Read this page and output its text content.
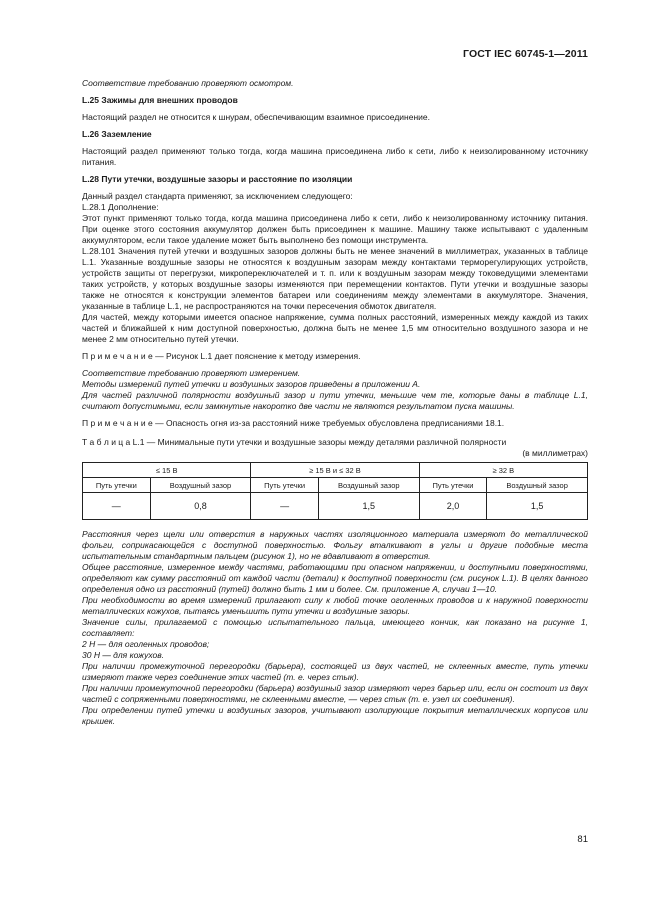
ГОСТ IEC 60745-1—2011

Соответствие требованию проверяют осмотром.

L.25 Зажимы для внешних проводов

Настоящий раздел не относится к шнурам, обеспечивающим взаимное присоединение.

L.26 Заземление

Настоящий раздел применяют только тогда, когда машина присоединена либо к сети, либо к неизолированному источнику питания.

L.28 Пути утечки, воздушные зазоры и расстояние по изоляции

Данный раздел стандарта применяют, за исключением следующего:

L.28.1 Дополнение:

Этот пункт применяют только тогда, когда машина присоединена либо к сети, либо к неизолированному источнику питания. При оценке этого состояния аккумулятор должен быть присоединен к машине. Машину также испытывают с удаленным аккумулятором, если такое удаление может быть выполнено без помощи инструмента.

L.28.101 Значения путей утечки и воздушных зазоров должны быть не менее значений в миллиметрах, указанных в таблице L.1. Указанные воздушные зазоры не относятся к воздушным зазорам между контактами терморегулирующих устройств, устройств защиты от перегрузки, микропереключателей и т. п. или к воздушным зазорам между токоведущими элементами таких устройств, у которых воздушные зазоры изменяются при перемещении контактов. Пути утечки и воздушные зазоры также не относятся к конструкции элементов батареи или соединениям между элементами в аккумуляторе. Значения, указанные в таблице L.1, не распространяются на точки пересечения обмоток двигателя.

Для частей, между которыми имеется опасное напряжение, сумма полных расстояний, измеренных между каждой из таких частей и ближайшей к ним доступной поверхностью, должна быть не менее 1,5 мм относительно воздушного зазора и не менее 2 мм относительно путей утечки.

П р и м е ч а н и е — Рисунок L.1 дает пояснение к методу измерения.

Соответствие требованию проверяют измерением.

Методы измерений путей утечки и воздушных зазоров приведены в приложении А.

Для частей различной полярности воздушный зазор и пути утечки, меньшие чем те, которые даны в таблице L.1, считают допустимыми, если замкнутые накоротко две части не являются результатом пуска машины.

П р и м е ч а н и е — Опасность огня из-за расстояний ниже требуемых обусловлена предписаниями 18.1.

Т а б л и ц а L.1 — Минимальные пути утечки и воздушные зазоры между деталями различной полярности

(в миллиметрах)

≤ 15 В		≥ 15 В и ≤ 32 В		≥ 32 В	
Путь утечки	Воздушный зазор	Путь утечки	Воздушный зазор	Путь утечки	Воздушный зазор
—	0,8	—	1,5	2,0	1,5

Расстояния через щели или отверстия в наружных частях изоляционного материала измеряют до металлической фольги, соприкасающейся с доступной поверхностью. Фольгу вталкивают в углы и другие подобные места испытательным стандартным пальцем (рисунок 1), но не вдавливают в отверстия.

Общее расстояние, измеренное между частями, работающими при опасном напряжении, и доступными поверхностями, определяют как сумму расстояний от каждой части (детали) к доступной поверхности (см. рисунок L.1). В целях данного определения одно из расстояний (путей) должно быть 1 мм и более. См. приложение А, случаи 1—10.

При необходимости во время измерений прилагают силу к любой точке оголенных проводов и к наружной поверхности металлических кожухов, пытаясь уменьшить пути утечки и воздушные зазоры.

Значение силы, прилагаемой с помощью испытательного пальца, имеющего кончик, как показано на рисунке 1, составляет:

2 Н — для оголенных проводов;

30 Н — для кожухов.

При наличии промежуточной перегородки (барьера), состоящей из двух частей, не склеенных вместе, путь утечки измеряют также через соединение этих частей (т. е. через стык).

При наличии промежуточной перегородки (барьера) воздушный зазор измеряют через барьер или, если он состоит из двух частей с сопряженными поверхностями, не склеенными вместе, — через стык (т. е. узел их соединения).

При определении путей утечки и воздушных зазоров, учитывают изолирующие покрытия металлических корпусов или крышек.

81
